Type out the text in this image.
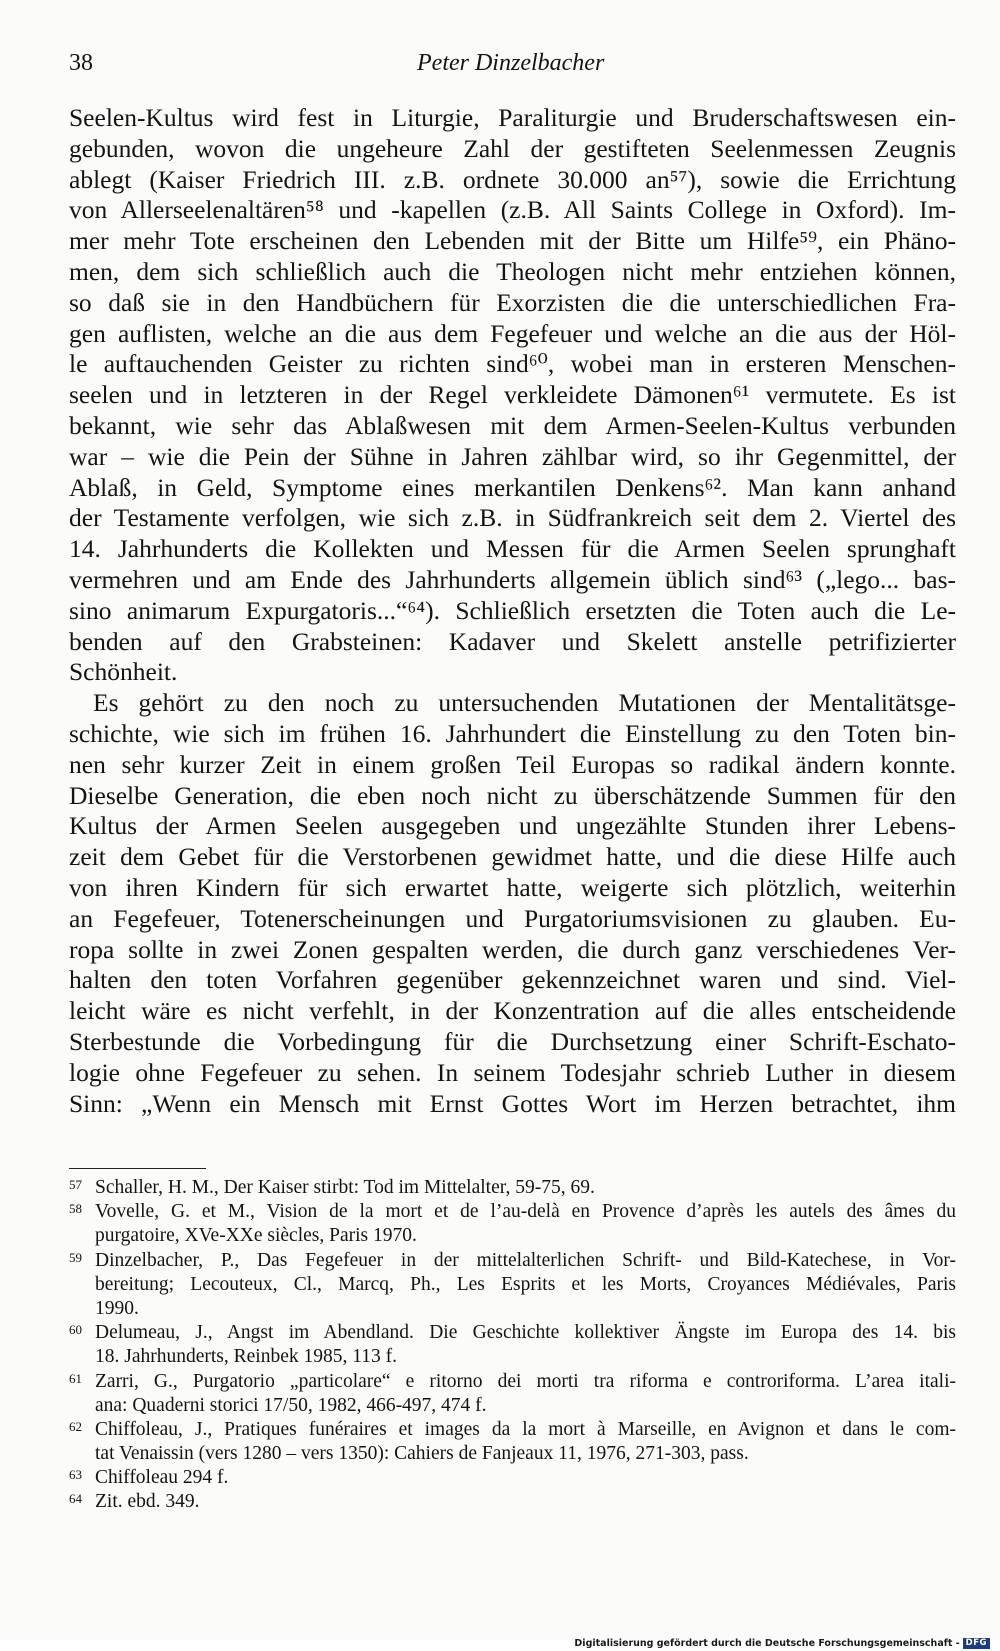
38	Peter Dinzelbacher
Seelen-Kultus wird fest in Liturgie, Paraliturgie und Bruderschaftswesen ein-
gebunden, wovon die ungeheure Zahl der gestifteten Seelenmessen Zeugnis
ablegt (Kaiser Friedrich III. z.B. ordnete 30.000 an⁵⁷), sowie die Errichtung
von Allerseelenaltären⁵⁸ und -kapellen (z.B. All Saints College in Oxford). Im-
mer mehr Tote erscheinen den Lebenden mit der Bitte um Hilfe⁵⁹, ein Phäno-
men, dem sich schließlich auch die Theologen nicht mehr entziehen können,
so daß sie in den Handbüchern für Exorzisten die die unterschiedlichen Fra-
gen auflisten, welche an die aus dem Fegefeuer und welche an die aus der Höl-
le auftauchenden Geister zu richten sind⁶⁰, wobei man in ersteren Menschen-
seelen und in letzteren in der Regel verkleidete Dämonen⁶¹ vermutete. Es ist
bekannt, wie sehr das Ablaßwesen mit dem Armen-Seelen-Kultus verbunden
war – wie die Pein der Sühne in Jahren zählbar wird, so ihr Gegenmittel, der
Ablaß, in Geld, Symptome eines merkantilen Denkens⁶². Man kann anhand
der Testamente verfolgen, wie sich z.B. in Südfrankreich seit dem 2. Viertel des
14. Jahrhunderts die Kollekten und Messen für die Armen Seelen sprunghaft
vermehren und am Ende des Jahrhunderts allgemein üblich sind⁶³ („lego... bas-
sino animarum Expurgatoris...“⁶⁴). Schließlich ersetzten die Toten auch die Le-
benden auf den Grabsteinen: Kadaver und Skelett anstelle petrifizierter
Schönheit.
Es gehört zu den noch zu untersuchenden Mutationen der Mentalitätsge-
schichte, wie sich im frühen 16. Jahrhundert die Einstellung zu den Toten bin-
nen sehr kurzer Zeit in einem großen Teil Europas so radikal ändern konnte.
Dieselbe Generation, die eben noch nicht zu überschätzende Summen für den
Kultus der Armen Seelen ausgegeben und ungezählte Stunden ihrer Lebens-
zeit dem Gebet für die Verstorbenen gewidmet hatte, und die diese Hilfe auch
von ihren Kindern für sich erwartet hatte, weigerte sich plötzlich, weiterhin
an Fegefeuer, Totenerscheinungen und Purgatoriumsvisionen zu glauben. Eu-
ropa sollte in zwei Zonen gespalten werden, die durch ganz verschiedenes Ver-
halten den toten Vorfahren gegenüber gekennzeichnet waren und sind. Viel-
leicht wäre es nicht verfehlt, in der Konzentration auf die alles entscheidende
Sterbestunde die Vorbedingung für die Durchsetzung einer Schrift-Eschato-
logie ohne Fegefeuer zu sehen. In seinem Todesjahr schrieb Luther in diesem
Sinn: „Wenn ein Mensch mit Ernst Gottes Wort im Herzen betrachtet, ihm
57 Schaller, H. M., Der Kaiser stirbt: Tod im Mittelalter, 59-75, 69.
58 Vovelle, G. et M., Vision de la mort et de l’au-delà en Provence d’après les autels des âmes du
purgatoire, XVe-XXe siècles, Paris 1970.
59 Dinzelbacher, P., Das Fegefeuer in der mittelalterlichen Schrift- und Bild-Katechese, in Vor-
bereitung; Lecouteux, Cl., Marcq, Ph., Les Esprits et les Morts, Croyances Médiévales, Paris
1990.
60 Delumeau, J., Angst im Abendland. Die Geschichte kollektiver Ängste im Europa des 14. bis
18. Jahrhunderts, Reinbek 1985, 113 f.
61 Zarri, G., Purgatorio „particolare“ e ritorno dei morti tra riforma e controriforma. L’area itali-
ana: Quaderni storici 17/50, 1982, 466-497, 474 f.
62 Chiffoleau, J., Pratiques funéraires et images da la mort à Marseille, en Avignon et dans le com-
tat Venaissin (vers 1280 – vers 1350): Cahiers de Fanjeaux 11, 1976, 271-303, pass.
63 Chiffoleau 294 f.
64 Zit. ebd. 349.
Digitalisierung gefördert durch die Deutsche Forschungsgemeinschaft - DFG
